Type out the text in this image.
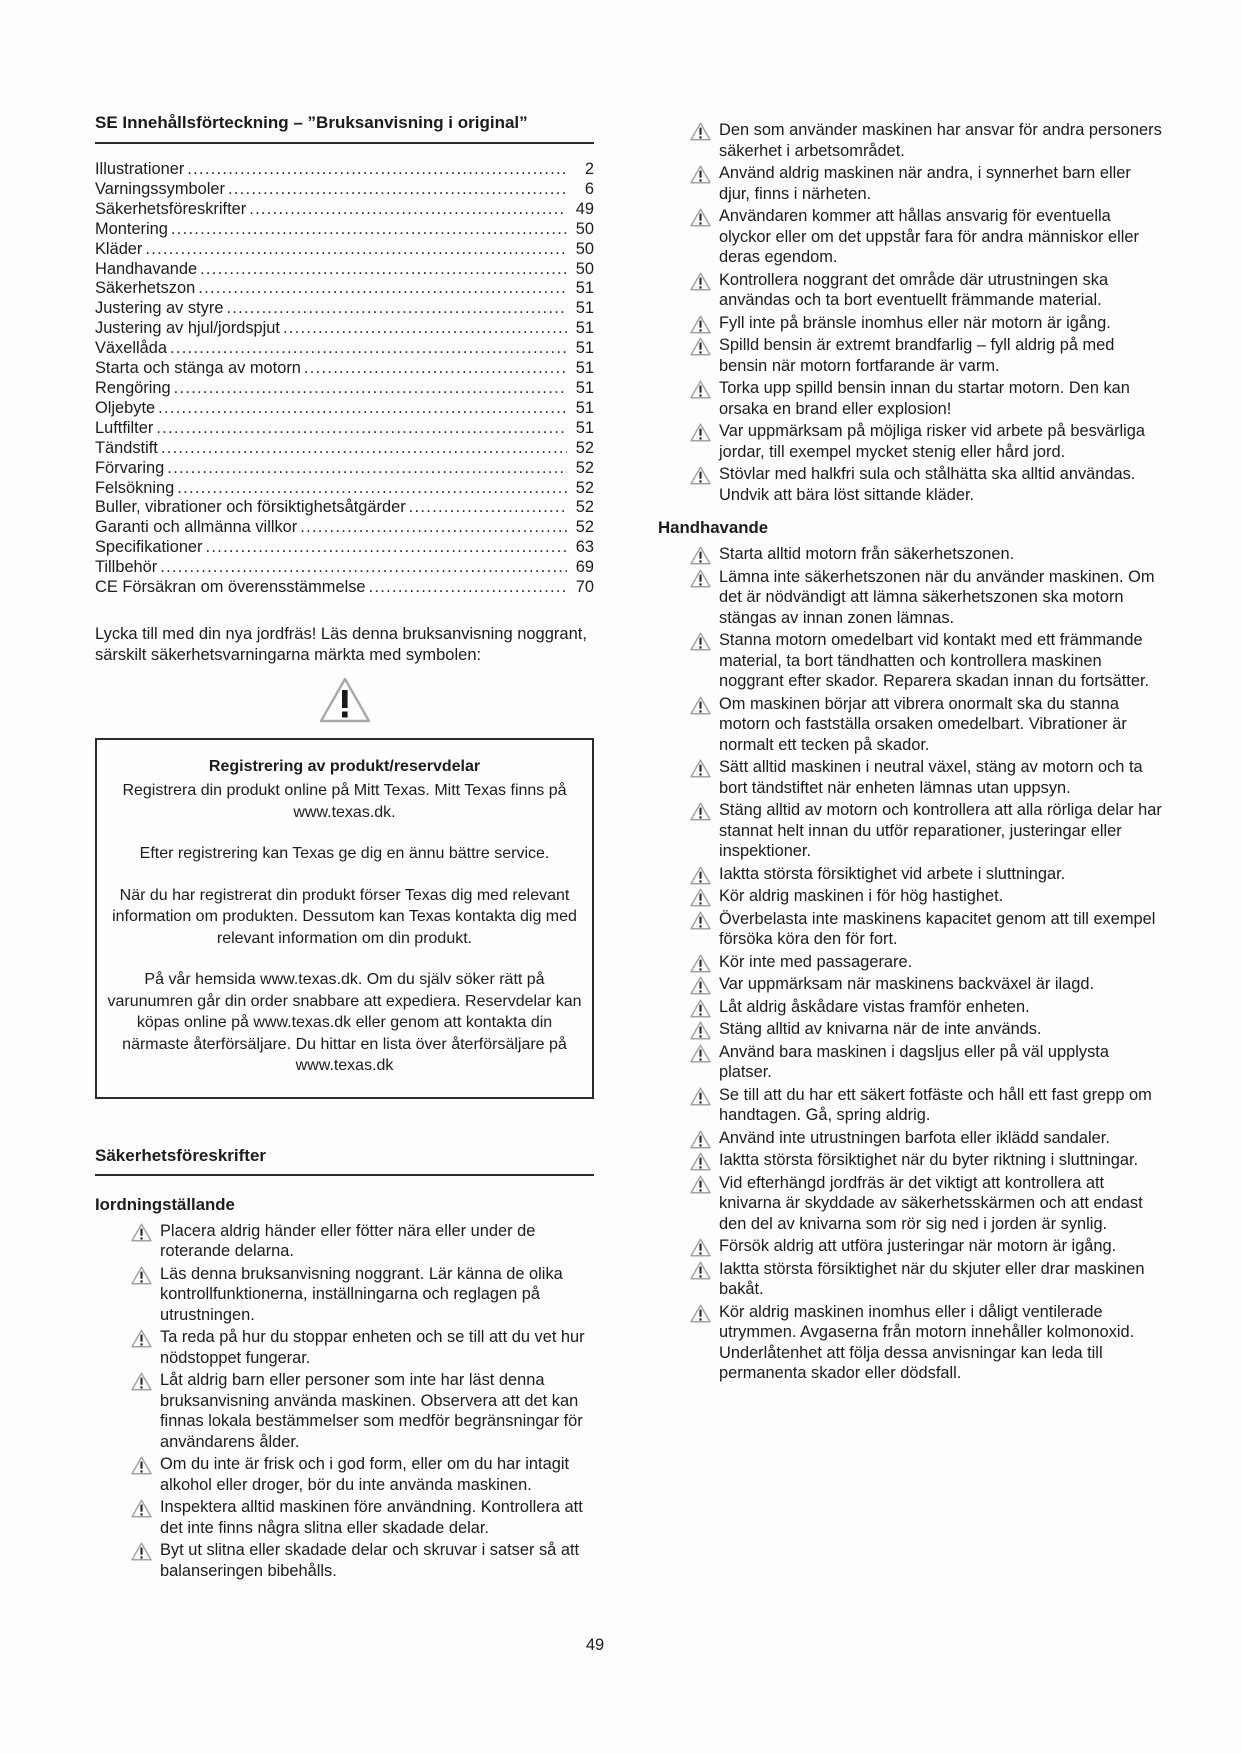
SE Innehållsförteckning – ”Bruksanvisning i original”
Illustrationer .....	2
Varningssymboler .....	6
Säkerhetsföreskrifter .....	49
Montering .....	50
Kläder .....	50
Handhavande .....	50
Säkerhetszon .....	51
Justering av styre .....	51
Justering av hjul/jordspjut .....	51
Växellåda .....	51
Starta och stänga av motorn .....	51
Rengöring .....	51
Oljebyte .....	51
Luftfilter .....	51
Tändstift .....	52
Förvaring .....	52
Felsökning .....	52
Buller, vibrationer och försiktighetsåtgärder .....	52
Garanti och allmänna villkor .....	52
Specifikationer .....	63
Tillbehör .....	69
CE Försäkran om överensstämmelse .....	70

Lycka till med din nya jordfräs! Läs denna bruksanvisning noggrant, särskilt säkerhetsvarningarna märkta med symbolen:

Registrering av produkt/reservdelar

Registrera din produkt online på Mitt Texas. Mitt Texas finns på www.texas.dk.

Efter registrering kan Texas ge dig en ännu bättre service.

När du har registrerat din produkt förser Texas dig med relevant information om produkten. Dessutom kan Texas kontakta dig med relevant information om din produkt.

På vår hemsida www.texas.dk. Om du själv söker rätt på varunumren går din order snabbare att expediera. Reservdelar kan köpas online på www.texas.dk eller genom att kontakta din närmaste återförsäljare. Du hittar en lista över återförsäljare på www.texas.dk

Säkerhetsföreskrifter
Iordningställande
Placera aldrig händer eller fötter nära eller under de roterande delarna.
Läs denna bruksanvisning noggrant. Lär känna de olika kontrollfunktionerna, inställningarna och reglagen på utrustningen.
Ta reda på hur du stoppar enheten och se till att du vet hur nödstoppet fungerar.
Låt aldrig barn eller personer som inte har läst denna bruksanvisning använda maskinen. Observera att det kan finnas lokala bestämmelser som medför begränsningar för användarens ålder.
Om du inte är frisk och i god form, eller om du har intagit alkohol eller droger, bör du inte använda maskinen.
Inspektera alltid maskinen före användning. Kontrollera att det inte finns några slitna eller skadade delar.
Byt ut slitna eller skadade delar och skruvar i satser så att balanseringen bibehålls.
Den som använder maskinen har ansvar för andra personers säkerhet i arbetsområdet.
Använd aldrig maskinen när andra, i synnerhet barn eller djur, finns i närheten.
Användaren kommer att hållas ansvarig för eventuella olyckor eller om det uppstår fara för andra människor eller deras egendom.
Kontrollera noggrant det område där utrustningen ska användas och ta bort eventuellt främmande material.
Fyll inte på bränsle inomhus eller när motorn är igång.
Spilld bensin är extremt brandfarlig – fyll aldrig på med bensin när motorn fortfarande är varm.
Torka upp spilld bensin innan du startar motorn. Den kan orsaka en brand eller explosion!
Var uppmärksam på möjliga risker vid arbete på besvärliga jordar, till exempel mycket stenig eller hård jord.
Stövlar med halkfri sula och stålhätta ska alltid användas. Undvik att bära löst sittande kläder.
Handhavande
Starta alltid motorn från säkerhetszonen.
Lämna inte säkerhetszonen när du använder maskinen. Om det är nödvändigt att lämna säkerhetszonen ska motorn stängas av innan zonen lämnas.
Stanna motorn omedelbart vid kontakt med ett främmande material, ta bort tändhatten och kontrollera maskinen noggrant efter skador. Reparera skadan innan du fortsätter.
Om maskinen börjar att vibrera onormalt ska du stanna motorn och fastställa orsaken omedelbart. Vibrationer är normalt ett tecken på skador.
Sätt alltid maskinen i neutral växel, stäng av motorn och ta bort tändstiftet när enheten lämnas utan uppsyn.
Stäng alltid av motorn och kontrollera att alla rörliga delar har stannat helt innan du utför reparationer, justeringar eller inspektioner.
Iaktta största försiktighet vid arbete i sluttningar.
Kör aldrig maskinen i för hög hastighet.
Överbelasta inte maskinens kapacitet genom att till exempel försöka köra den för fort.
Kör inte med passagerare.
Var uppmärksam när maskinens backväxel är ilagd.
Låt aldrig åskådare vistas framför enheten.
Stäng alltid av knivarna när de inte används.
Använd bara maskinen i dagsljus eller på väl upplysta platser.
Se till att du har ett säkert fotfäste och håll ett fast grepp om handtagen. Gå, spring aldrig.
Använd inte utrustningen barfota eller iklädd sandaler.
Iaktta största försiktighet när du byter riktning i sluttningar.
Vid efterhängd jordfräs är det viktigt att kontrollera att knivarna är skyddade av säkerhetsskärmen och att endast den del av knivarna som rör sig ned i jorden är synlig.
Försök aldrig att utföra justeringar när motorn är igång.
Iaktta största försiktighet när du skjuter eller drar maskinen bakåt.
Kör aldrig maskinen inomhus eller i dåligt ventilerade utrymmen. Avgaserna från motorn innehåller kolmonoxid. Underlåtenhet att följa dessa anvisningar kan leda till permanenta skador eller dödsfall.
49
